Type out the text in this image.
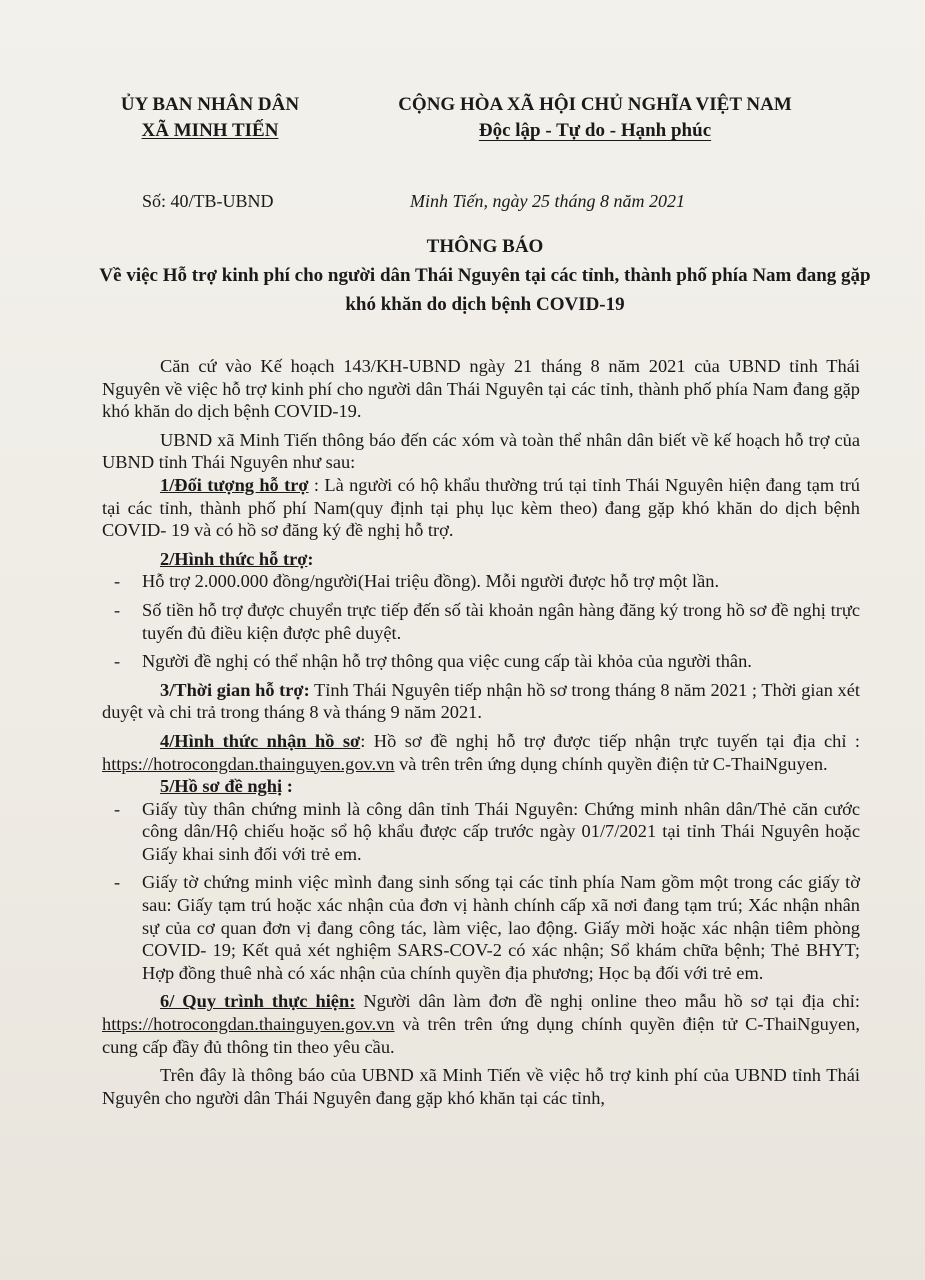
ỦY BAN NHÂN DÂN
XÃ MINH TIẾN
CỘNG HÒA XÃ HỘI CHỦ NGHĨA VIỆT NAM
Độc lập - Tự do - Hạnh phúc
Số: 40/TB-UBND	Minh Tiến, ngày 25 tháng 8 năm 2021
THÔNG BÁO
Về việc Hỗ trợ kinh phí cho người dân Thái Nguyên tại các tỉnh, thành phố phía Nam đang gặp khó khăn do dịch bệnh COVID-19

Căn cứ vào Kế hoạch 143/KH-UBND ngày 21 tháng 8 năm 2021 của UBND tỉnh Thái Nguyên về việc hỗ trợ kinh phí cho người dân Thái Nguyên tại các tỉnh, thành phố phía Nam đang gặp khó khăn do dịch bệnh COVID-19.

UBND xã Minh Tiến thông báo đến các xóm và toàn thể nhân dân biết về kế hoạch hỗ trợ của UBND tỉnh Thái Nguyên như sau:

1/Đối tượng hỗ trợ : Là người có hộ khẩu thường trú tại tỉnh Thái Nguyên hiện đang tạm trú tại các tỉnh, thành phố phí Nam(quy định tại phụ lục kèm theo) đang gặp khó khăn do dịch bệnh COVID- 19 và có hồ sơ đăng ký đề nghị hỗ trợ.

2/Hình thức hỗ trợ:

- Hỗ trợ 2.000.000 đồng/người(Hai triệu đồng). Mỗi người được hỗ trợ một lần.

- Số tiền hỗ trợ được chuyển trực tiếp đến số tài khoản ngân hàng đăng ký trong hồ sơ đề nghị trực tuyến đủ điều kiện được phê duyệt.

- Người đề nghị có thể nhận hỗ trợ thông qua việc cung cấp tài khỏa của người thân.

3/Thời gian hỗ trợ: Tỉnh Thái Nguyên tiếp nhận hồ sơ trong tháng 8 năm 2021 ; Thời gian xét duyệt và chi trả trong tháng 8 và tháng 9 năm 2021.

4/Hình thức nhận hồ sơ: Hồ sơ đề nghị hỗ trợ được tiếp nhận trực tuyến tại địa chỉ : https://hotrocongdan.thainguyen.gov.vn và trên trên ứng dụng chính quyền điện tử C-ThaiNguyen.

5/Hồ sơ đề nghị :

- Giấy tùy thân chứng minh là công dân tỉnh Thái Nguyên: Chứng minh nhân dân/Thẻ căn cước công dân/Hộ chiếu hoặc sổ hộ khẩu được cấp trước ngày 01/7/2021 tại tỉnh Thái Nguyên hoặc Giấy khai sinh đối với trẻ em.

- Giấy tờ chứng minh việc mình đang sinh sống tại các tỉnh phía Nam gồm một trong các giấy tờ sau: Giấy tạm trú hoặc xác nhận của đơn vị hành chính cấp xã nơi đang tạm trú; Xác nhận nhân sự của cơ quan đơn vị đang công tác, làm việc, lao động. Giấy mời hoặc xác nhận tiêm phòng COVID- 19; Kết quả xét nghiệm SARS-COV-2 có xác nhận; Sổ khám chữa bệnh; Thẻ BHYT; Hợp đồng thuê nhà có xác nhận của chính quyền địa phương; Học bạ đối với trẻ em.

6/ Quy trình thực hiện: Người dân làm đơn đề nghị online theo mẫu hồ sơ tại địa chỉ: https://hotrocongdan.thainguyen.gov.vn và trên trên ứng dụng chính quyền điện tử C-ThaiNguyen, cung cấp đầy đủ thông tin theo yêu cầu.

Trên đây là thông báo của UBND xã Minh Tiến về việc hỗ trợ kinh phí của UBND tỉnh Thái Nguyên cho người dân Thái Nguyên đang gặp khó khăn tại các tỉnh,
